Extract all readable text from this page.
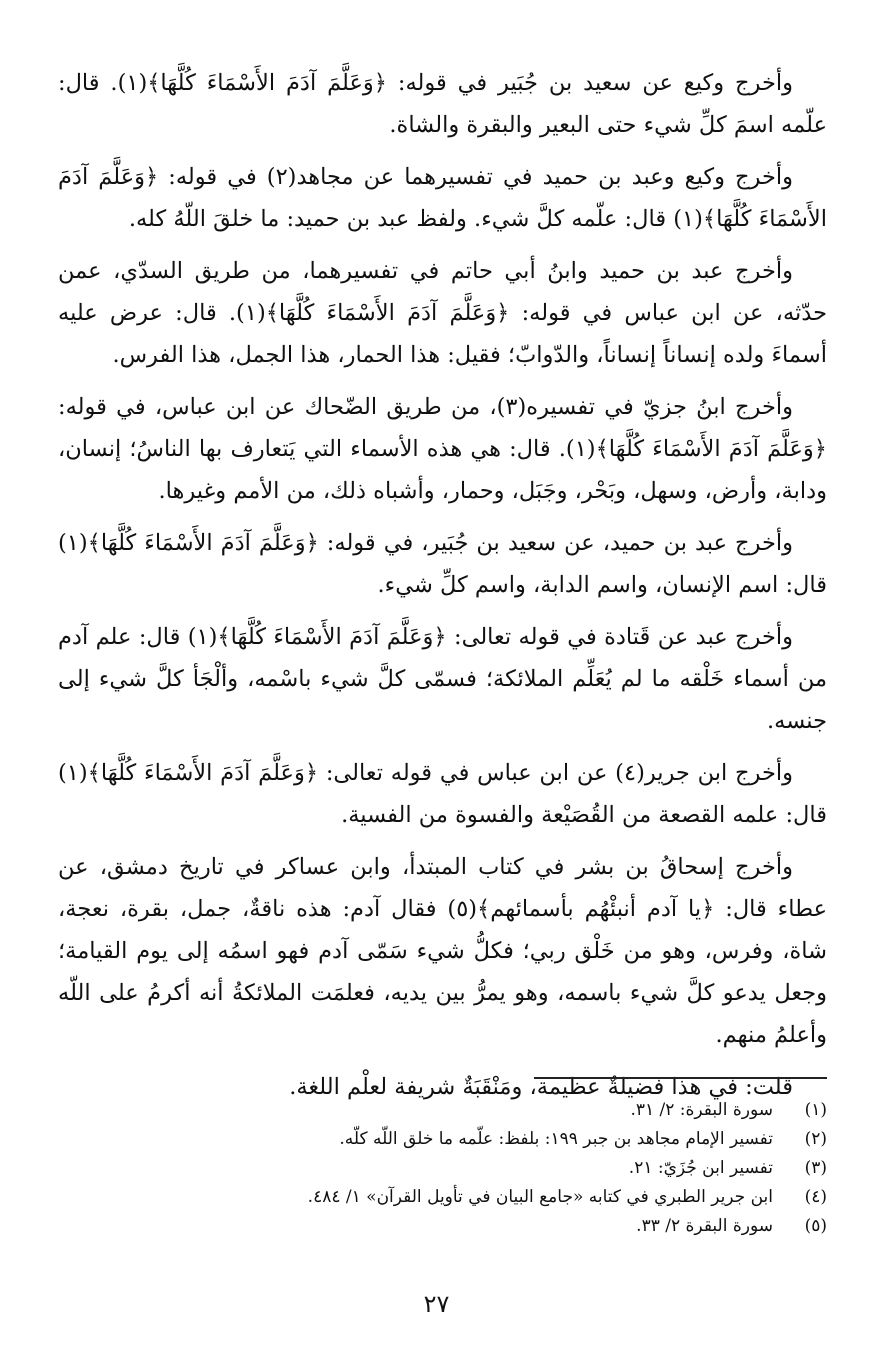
وأخرج وكيع عن سعيد بن جُبَير في قوله: ﴿وَعَلَّمَ آدَمَ الأَسْمَاءَ كُلَّهَا﴾(١). قال: علّمه اسمَ كلِّ شيء حتى البعير والبقرة والشاة.

وأخرج وكيع وعبد بن حميد في تفسيرهما عن مجاهد(٢) في قوله: ﴿وَعَلَّمَ آدَمَ الأَسْمَاءَ كُلَّهَا﴾(١) قال: علّمه كلَّ شيء. ولفظ عبد بن حميد: ما خلقَ اللّهُ كله.

وأخرج عبد بن حميد وابنُ أبي حاتم في تفسيرهما، من طريق السدّي، عمن حدّثه، عن ابن عباس في قوله: ﴿وَعَلَّمَ آدَمَ الأَسْمَاءَ كُلَّهَا﴾(١). قال: عرض عليه أسماءَ ولده إنساناً إنساناً، والدّوابّ؛ فقيل: هذا الحمار، هذا الجمل، هذا الفرس.

وأخرج ابنُ جزيّ في تفسيره(٣)، من طريق الضّحاك عن ابن عباس، في قوله: ﴿وَعَلَّمَ آدَمَ الأَسْمَاءَ كُلَّهَا﴾(١). قال: هي هذه الأسماء التي يَتعارف بها الناسُ؛ إنسان، ودابة، وأرض، وسهل، وبَحْر، وجَبَل، وحمار، وأشباه ذلك، من الأمم وغيرها.

وأخرج عبد بن حميد، عن سعيد بن جُبَير، في قوله: ﴿وَعَلَّمَ آدَمَ الأَسْمَاءَ كُلَّهَا﴾(١) قال: اسم الإنسان، واسم الدابة، واسم كلِّ شيء.

وأخرج عبد عن قَتادة في قوله تعالى: ﴿وَعَلَّمَ آدَمَ الأَسْمَاءَ كُلَّهَا﴾(١) قال: علم آدم من أسماء خَلْقه ما لم يُعَلِّم الملائكة؛ فسمّى كلَّ شيء باسْمه، وألْجَأ كلَّ شيء إلى جنسه.

وأخرج ابن جرير(٤) عن ابن عباس في قوله تعالى: ﴿وَعَلَّمَ آدَمَ الأَسْمَاءَ كُلَّهَا﴾(١) قال: علمه القصعة من القُصَيْعة والفسوة من الفسية.

وأخرج إسحاقُ بن بشر في كتاب المبتدأ، وابن عساكر في تاريخ دمشق، عن عطاء قال: ﴿يا آدم أنبئْهُم بأسمائهم﴾(٥) فقال آدم: هذه ناقةٌ، جمل، بقرة، نعجة، شاة، وفرس، وهو من خَلْق ربي؛ فكلُّ شيء سَمّى آدم فهو اسمُه إلى يوم القيامة؛ وجعل يدعو كلَّ شيء باسمه، وهو يمرُّ بين يديه، فعلمَت الملائكةُ أنه أكرمُ على اللّه وأعلمُ منهم.

قلت: في هذا فضيلةٌ عظيمة، ومَنْقَبَةٌ شريفة لعلْم اللغة.

(١)
سورة البقرة: ٢/ ٣١.
(٢)
تفسير الإمام مجاهد بن جبر ١٩٩: بلفظ: علّمه ما خلق اللّه كلّه.
(٣)
تفسير ابن جُزَيّ: ٢١.
(٤)
ابن جرير الطبري في كتابه «جامع البيان في تأويل القرآن» ١/ ٤٨٤.
(٥)
سورة البقرة ٢/ ٣٣.
٢٧
